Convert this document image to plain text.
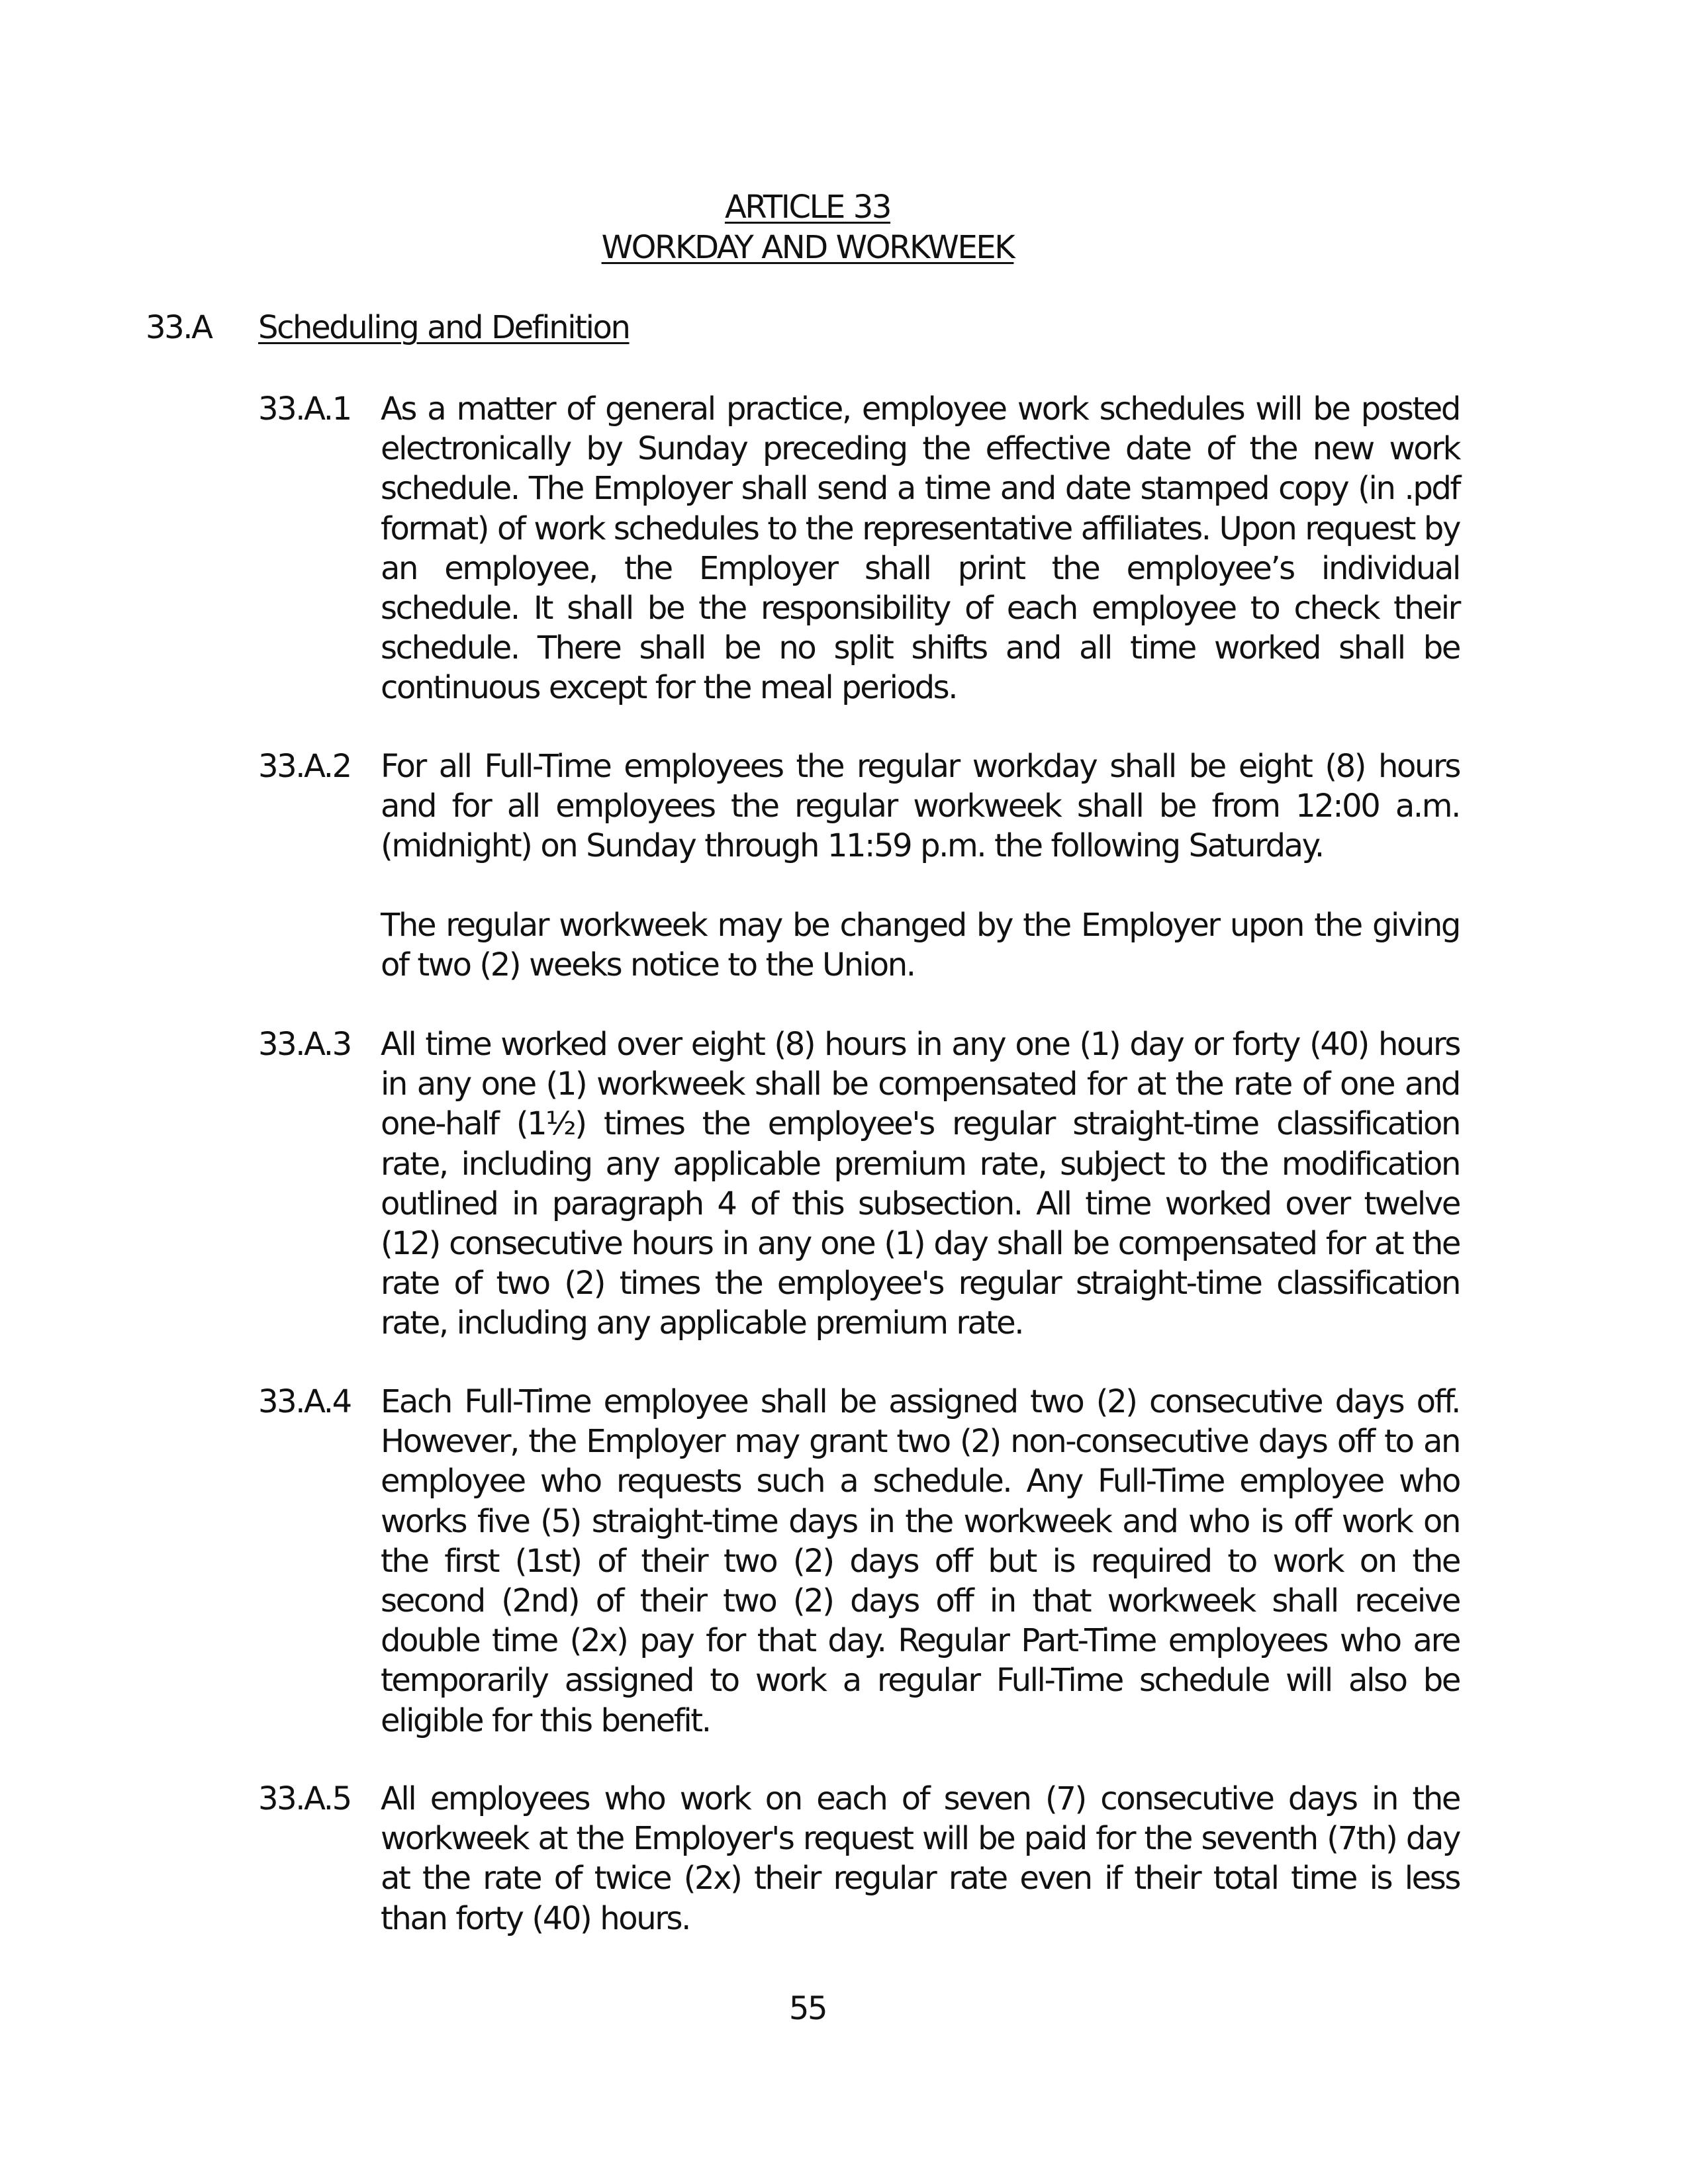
ARTICLE 33
WORKDAY AND WORKWEEK
33.A Scheduling and Definition
33.A.1 As a matter of general practice, employee work schedules will be posted electronically by Sunday preceding the effective date of the new work schedule. The Employer shall send a time and date stamped copy (in .pdf format) of work schedules to the representative affiliates. Upon request by an employee, the Employer shall print the employee’s individual schedule. It shall be the responsibility of each employee to check their schedule. There shall be no split shifts and all time worked shall be continuous except for the meal periods.

33.A.2 For all Full-Time employees the regular workday shall be eight (8) hours and for all employees the regular workweek shall be from 12:00 a.m. (midnight) on Sunday through 11:59 p.m. the following Saturday.

The regular workweek may be changed by the Employer upon the giving of two (2) weeks notice to the Union.

33.A.3 All time worked over eight (8) hours in any one (1) day or forty (40) hours in any one (1) workweek shall be compensated for at the rate of one and one-half (1½) times the employee's regular straight-time classification rate, including any applicable premium rate, subject to the modification outlined in paragraph 4 of this subsection. All time worked over twelve (12) consecutive hours in any one (1) day shall be compensated for at the rate of two (2) times the employee's regular straight-time classification rate, including any applicable premium rate.

33.A.4 Each Full-Time employee shall be assigned two (2) consecutive days off. However, the Employer may grant two (2) non-consecutive days off to an employee who requests such a schedule. Any Full-Time employee who works five (5) straight-time days in the workweek and who is off work on the first (1st) of their two (2) days off but is required to work on the second (2nd) of their two (2) days off in that workweek shall receive double time (2x) pay for that day. Regular Part-Time employees who are temporarily assigned to work a regular Full-Time schedule will also be eligible for this benefit.

33.A.5 All employees who work on each of seven (7) consecutive days in the workweek at the Employer's request will be paid for the seventh (7th) day at the rate of twice (2x) their regular rate even if their total time is less than forty (40) hours.

55
